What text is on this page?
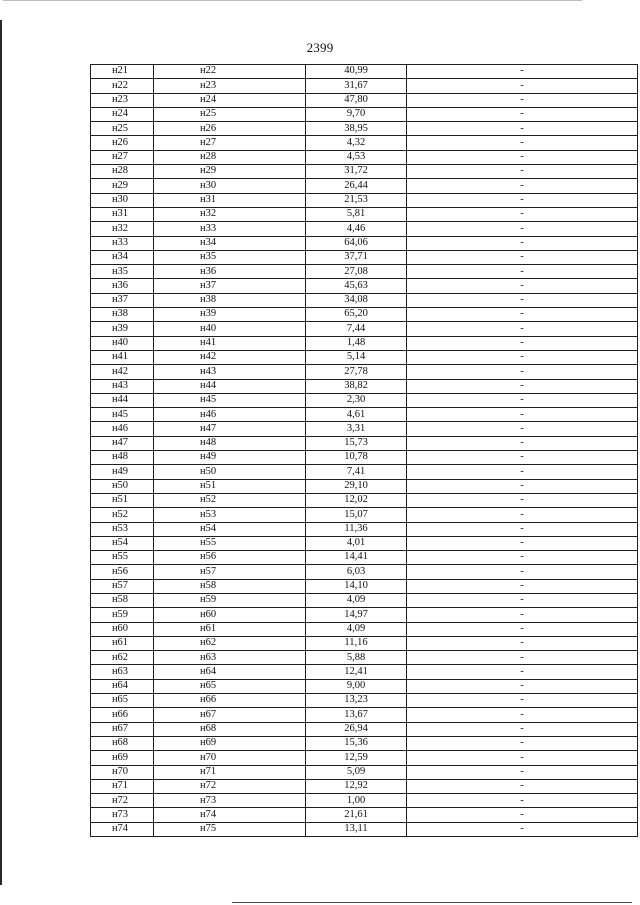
2399
н21	н22	40,99	-
н22	н23	31,67	-
н23	н24	47,80	-
н24	н25	9,70	-
н25	н26	38,95	-
н26	н27	4,32	-
н27	н28	4,53	-
н28	н29	31,72	-
н29	н30	26,44	-
н30	н31	21,53	-
н31	н32	5,81	-
н32	н33	4,46	-
н33	н34	64,06	-
н34	н35	37,71	-
н35	н36	27,08	-
н36	н37	45,63	-
н37	н38	34,08	-
н38	н39	65,20	-
н39	н40	7,44	-
н40	н41	1,48	-
н41	н42	5,14	-
н42	н43	27,78	-
н43	н44	38,82	-
н44	н45	2,30	-
н45	н46	4,61	-
н46	н47	3,31	-
н47	н48	15,73	-
н48	н49	10,78	-
н49	н50	7,41	-
н50	н51	29,10	-
н51	н52	12,02	-
н52	н53	15,07	-
н53	н54	11,36	-
н54	н55	4,01	-
н55	н56	14,41	-
н56	н57	6,03	-
н57	н58	14,10	-
н58	н59	4,09	-
н59	н60	14,97	-
н60	н61	4,09	-
н61	н62	11,16	-
н62	н63	5,88	-
н63	н64	12,41	-
н64	н65	9,00	-
н65	н66	13,23	-
н66	н67	13,67	-
н67	н68	26,94	-
н68	н69	15,36	-
н69	н70	12,59	-
н70	н71	5,09	-
н71	н72	12,92	-
н72	н73	1,00	-
н73	н74	21,61	-
н74	н75	13,11	-
